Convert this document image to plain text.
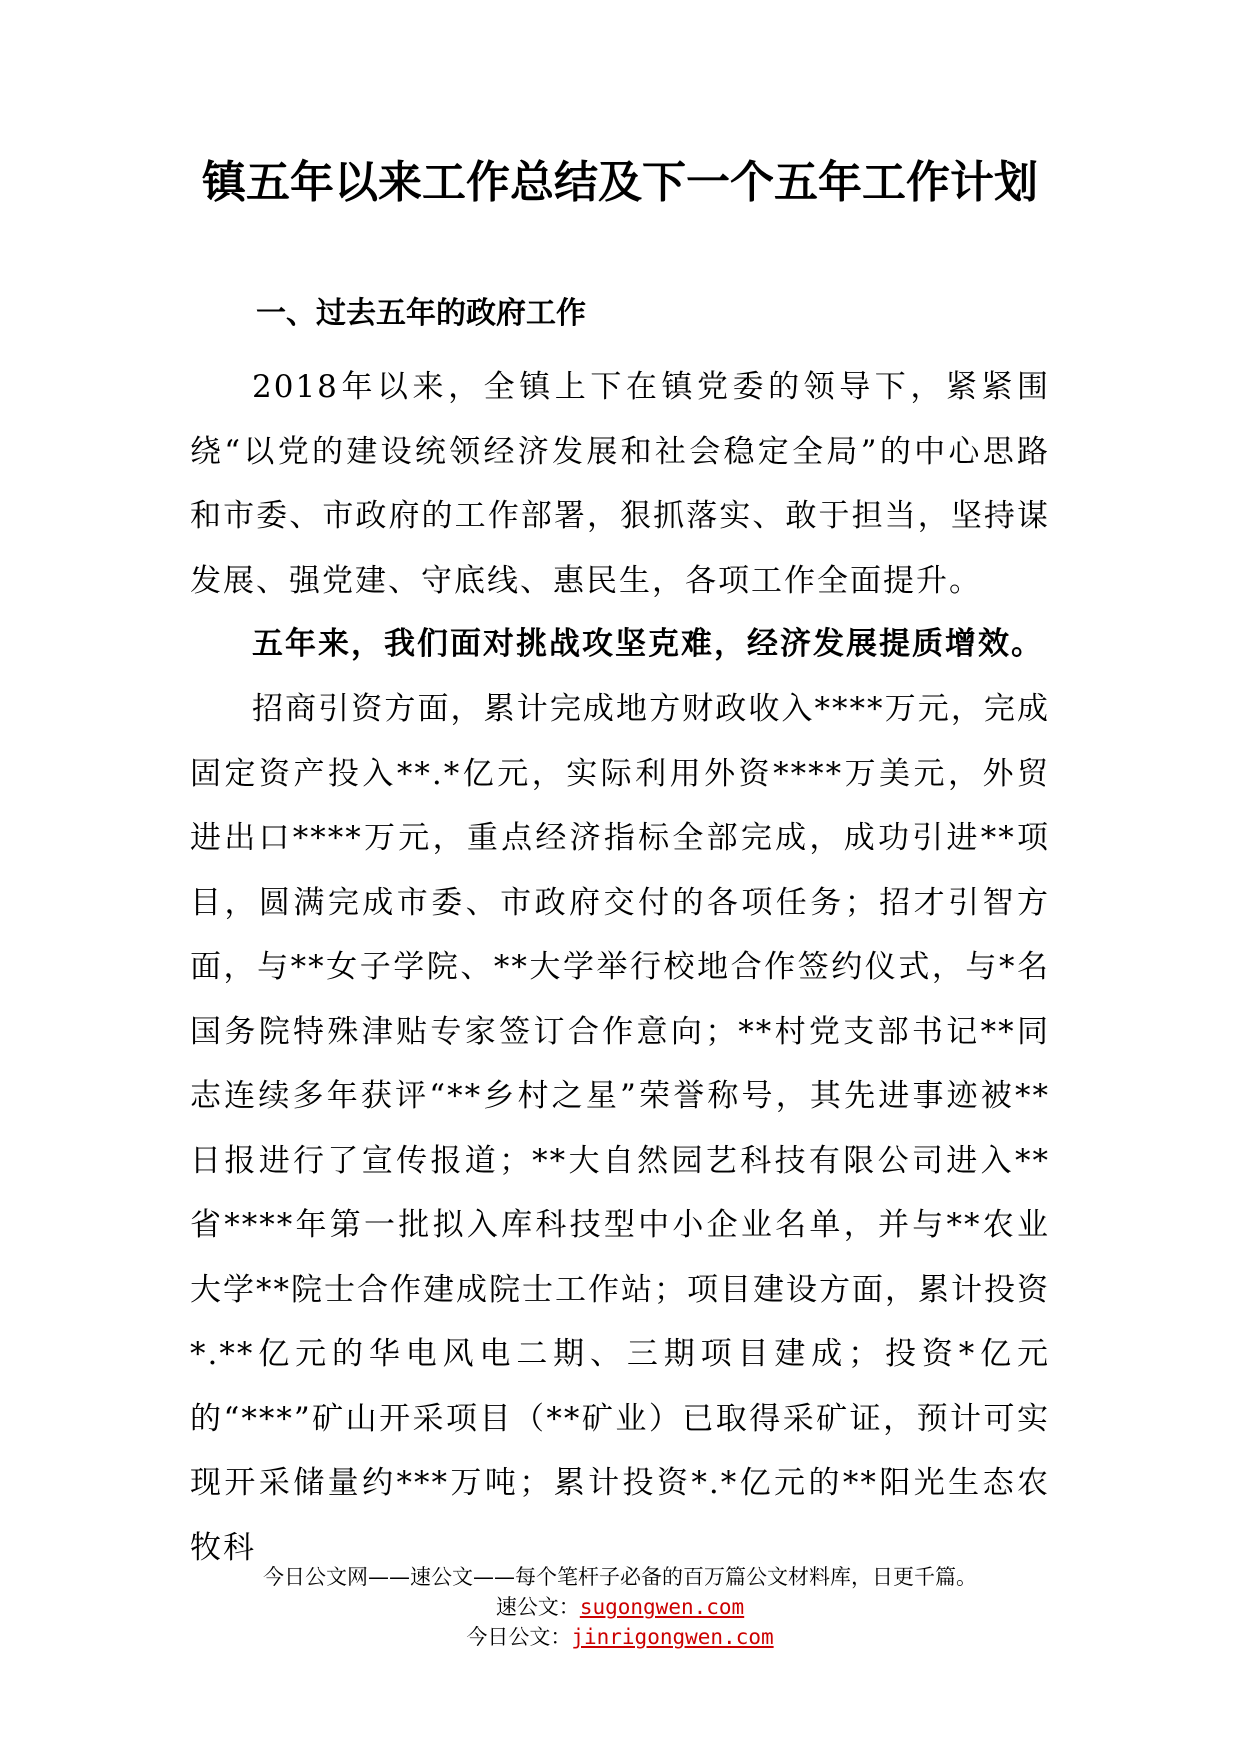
镇五年以来工作总结及下一个五年工作计划
一、过去五年的政府工作

2018年以来，全镇上下在镇党委的领导下，紧紧围绕“以党的建设统领经济发展和社会稳定全局”的中心思路和市委、市政府的工作部署，狠抓落实、敢于担当，坚持谋发展、强党建、守底线、惠民生，各项工作全面提升。

五年来，我们面对挑战攻坚克难，经济发展提质增效。

招商引资方面，累计完成地方财政收入****万元，完成固定资产投入**.*亿元，实际利用外资****万美元，外贸进出口****万元，重点经济指标全部完成，成功引进**项目，圆满完成市委、市政府交付的各项任务；招才引智方面，与**女子学院、**大学举行校地合作签约仪式，与*名国务院特殊津贴专家签订合作意向；**村党支部书记**同志连续多年获评“**乡村之星”荣誉称号，其先进事迹被**日报进行了宣传报道；**大自然园艺科技有限公司进入**省****年第一批拟入库科技型中小企业名单，并与**农业大学**院士合作建成院士工作站；项目建设方面，累计投资*.**亿元的华电风电二期、三期项目建成；投资*亿元的“***”矿山开采项目（**矿业）已取得采矿证，预计可实现开采储量约***万吨；累计投资*.*亿元的**阳光生态农牧科

今日公文网——速公文——每个笔杆子必备的百万篇公文材料库，日更千篇。
速公文：sugongwen.com
今日公文：jinrigongwen.com
